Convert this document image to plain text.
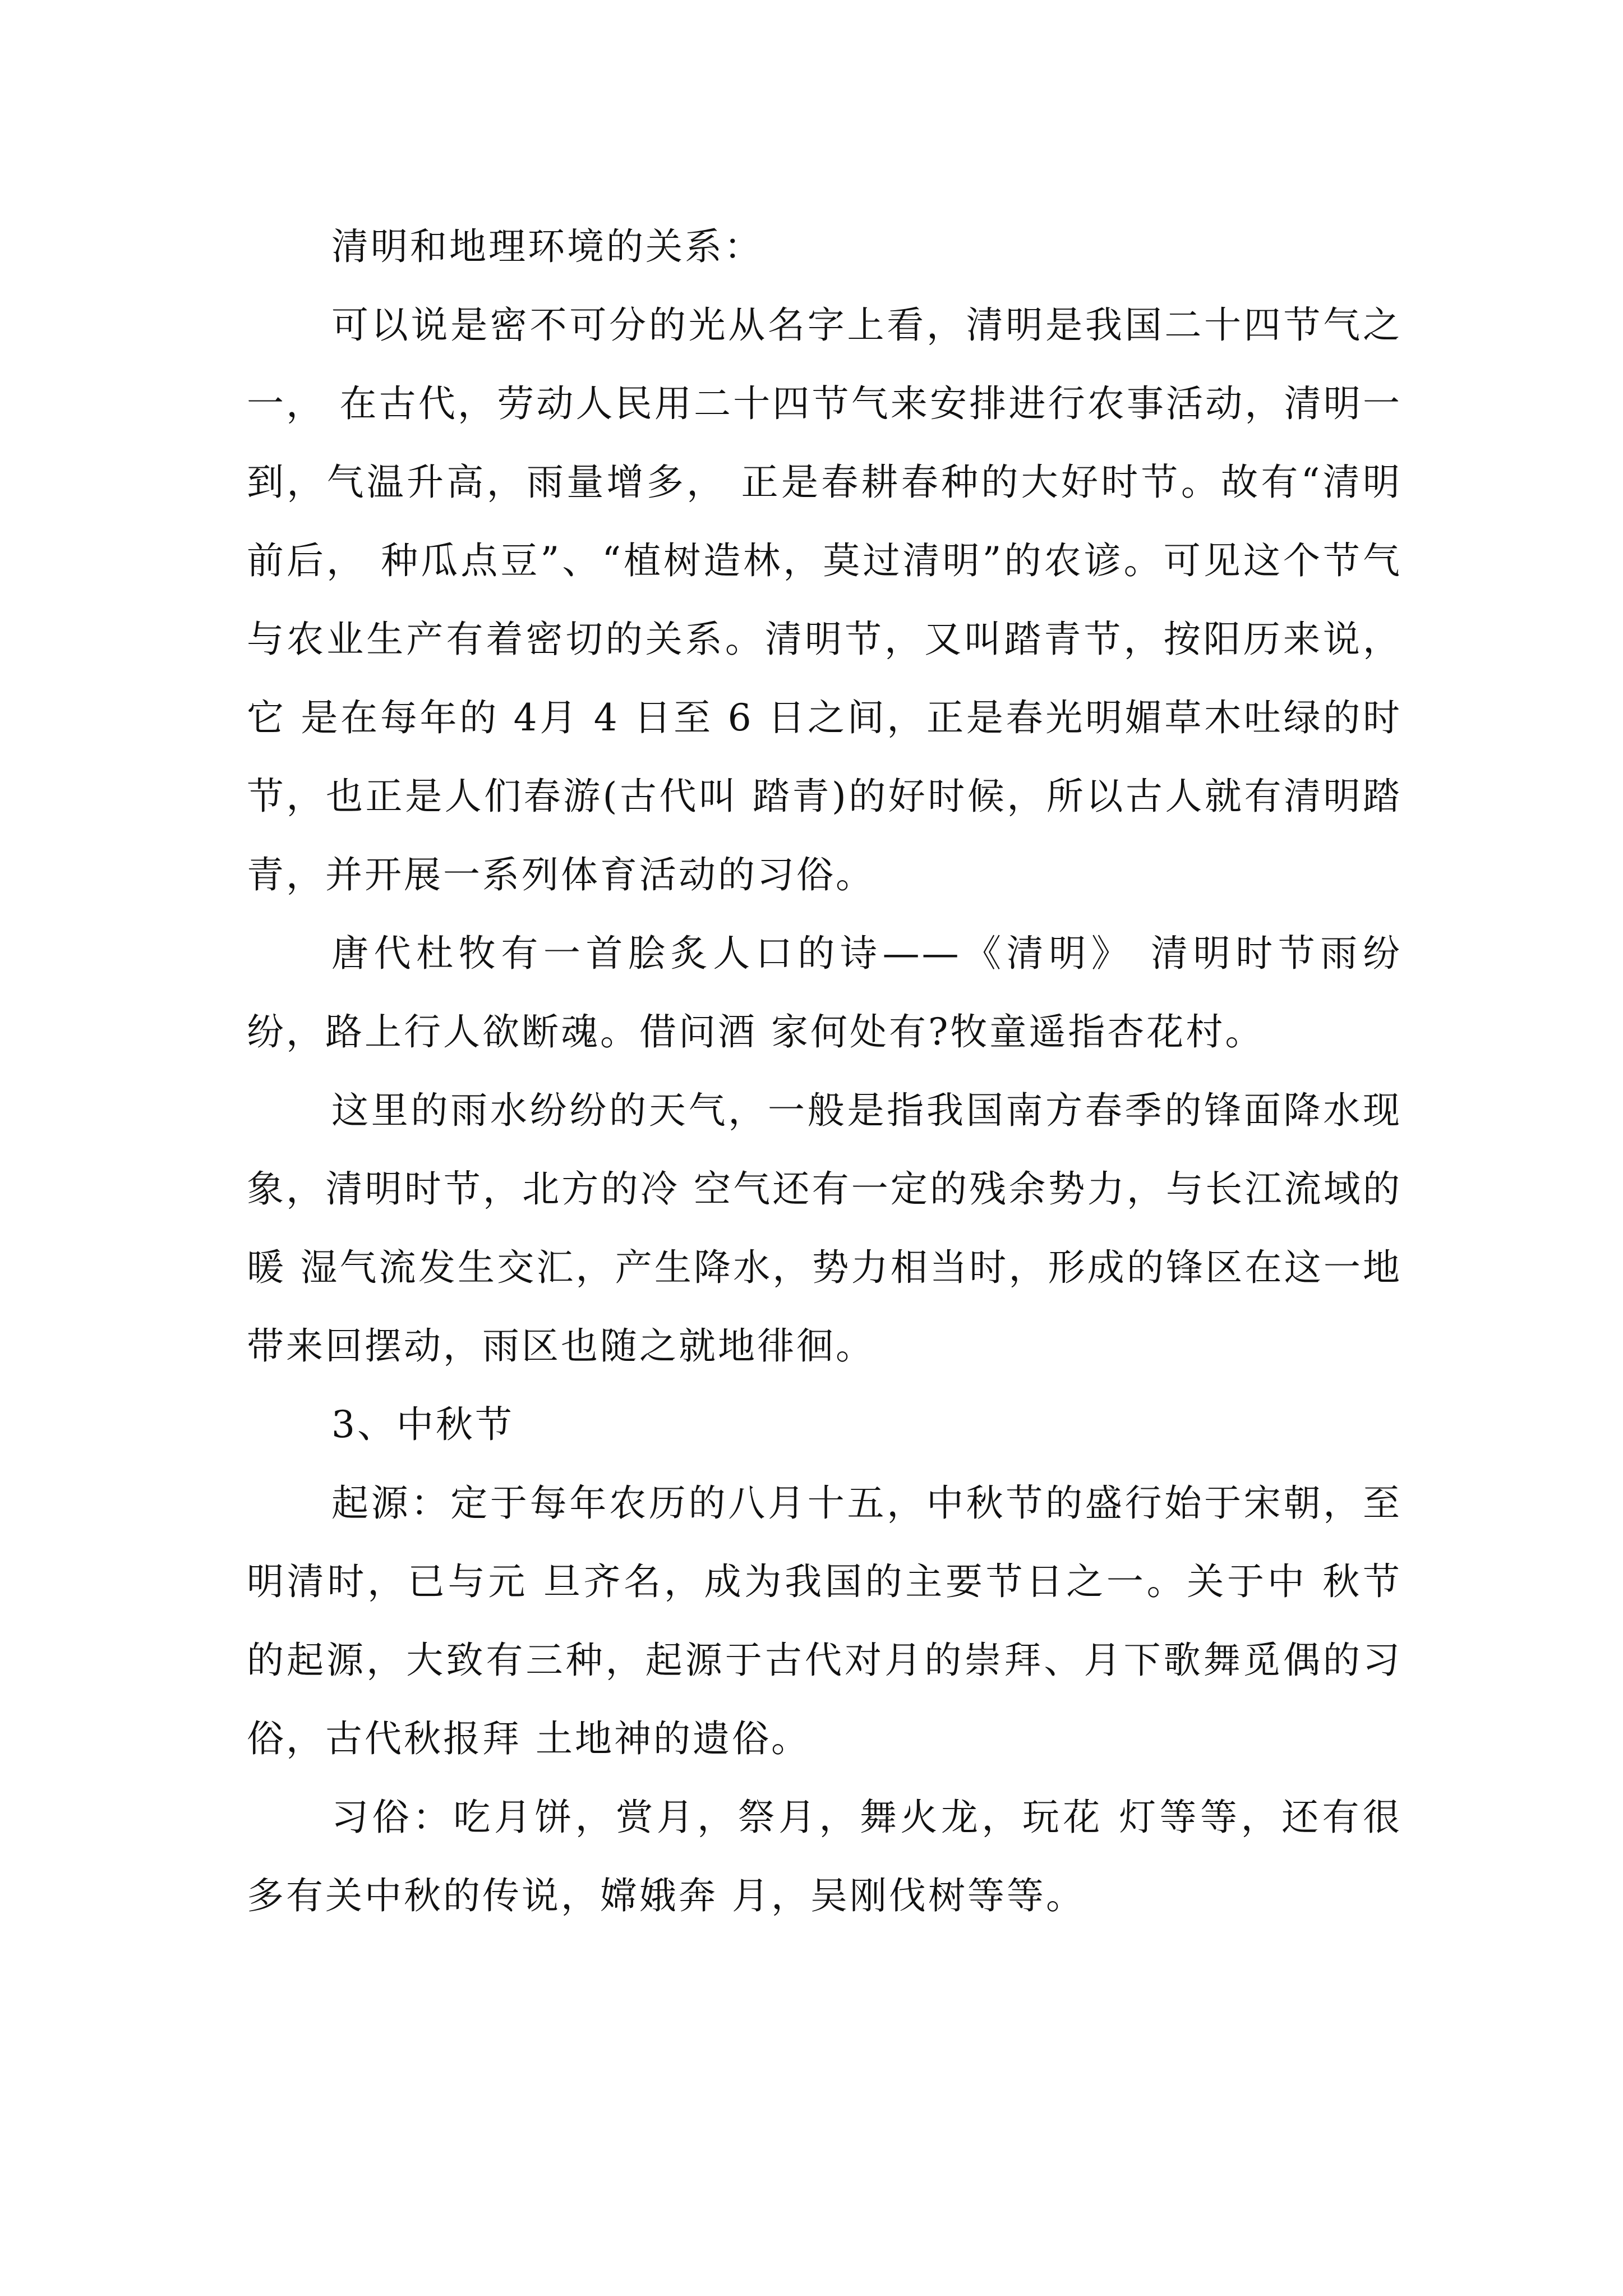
清明和地理环境的关系：

可以说是密不可分的光从名字上看，清明是我国二十四节气之一， 在古代，劳动人民用二十四节气来安排进行农事活动，清明一到，气温升高，雨量增多， 正是春耕春种的大好时节。故有“清明前后， 种瓜点豆”、“植树造林，莫过清明”的农谚。可见这个节气与农业生产有着密切的关系。清明节，又叫踏青节，按阳历来说，它 是在每年的 4月 4 日至 6 日之间，正是春光明媚草木吐绿的时节，也正是人们春游(古代叫 踏青)的好时候，所以古人就有清明踏青，并开展一系列体育活动的习俗。

唐代杜牧有一首脍炙人口的诗——《清明》 清明时节雨纷纷，路上行人欲断魂。借问酒 家何处有?牧童遥指杏花村。

这里的雨水纷纷的天气，一般是指我国南方春季的锋面降水现象，清明时节，北方的冷 空气还有一定的残余势力，与长江流域的暖 湿气流发生交汇，产生降水，势力相当时，形成的锋区在这一地带来回摆动，雨区也随之就地徘徊。

3、中秋节

起源：定于每年农历的八月十五，中秋节的盛行始于宋朝，至明清时，已与元 旦齐名，成为我国的主要节日之一。关于中 秋节的起源，大致有三种，起源于古代对月的崇拜、月下歌舞觅偶的习俗，古代秋报拜 土地神的遗俗。

习俗：吃月饼，赏月，祭月，舞火龙，玩花 灯等等，还有很多有关中秋的传说，嫦娥奔 月，吴刚伐树等等。
